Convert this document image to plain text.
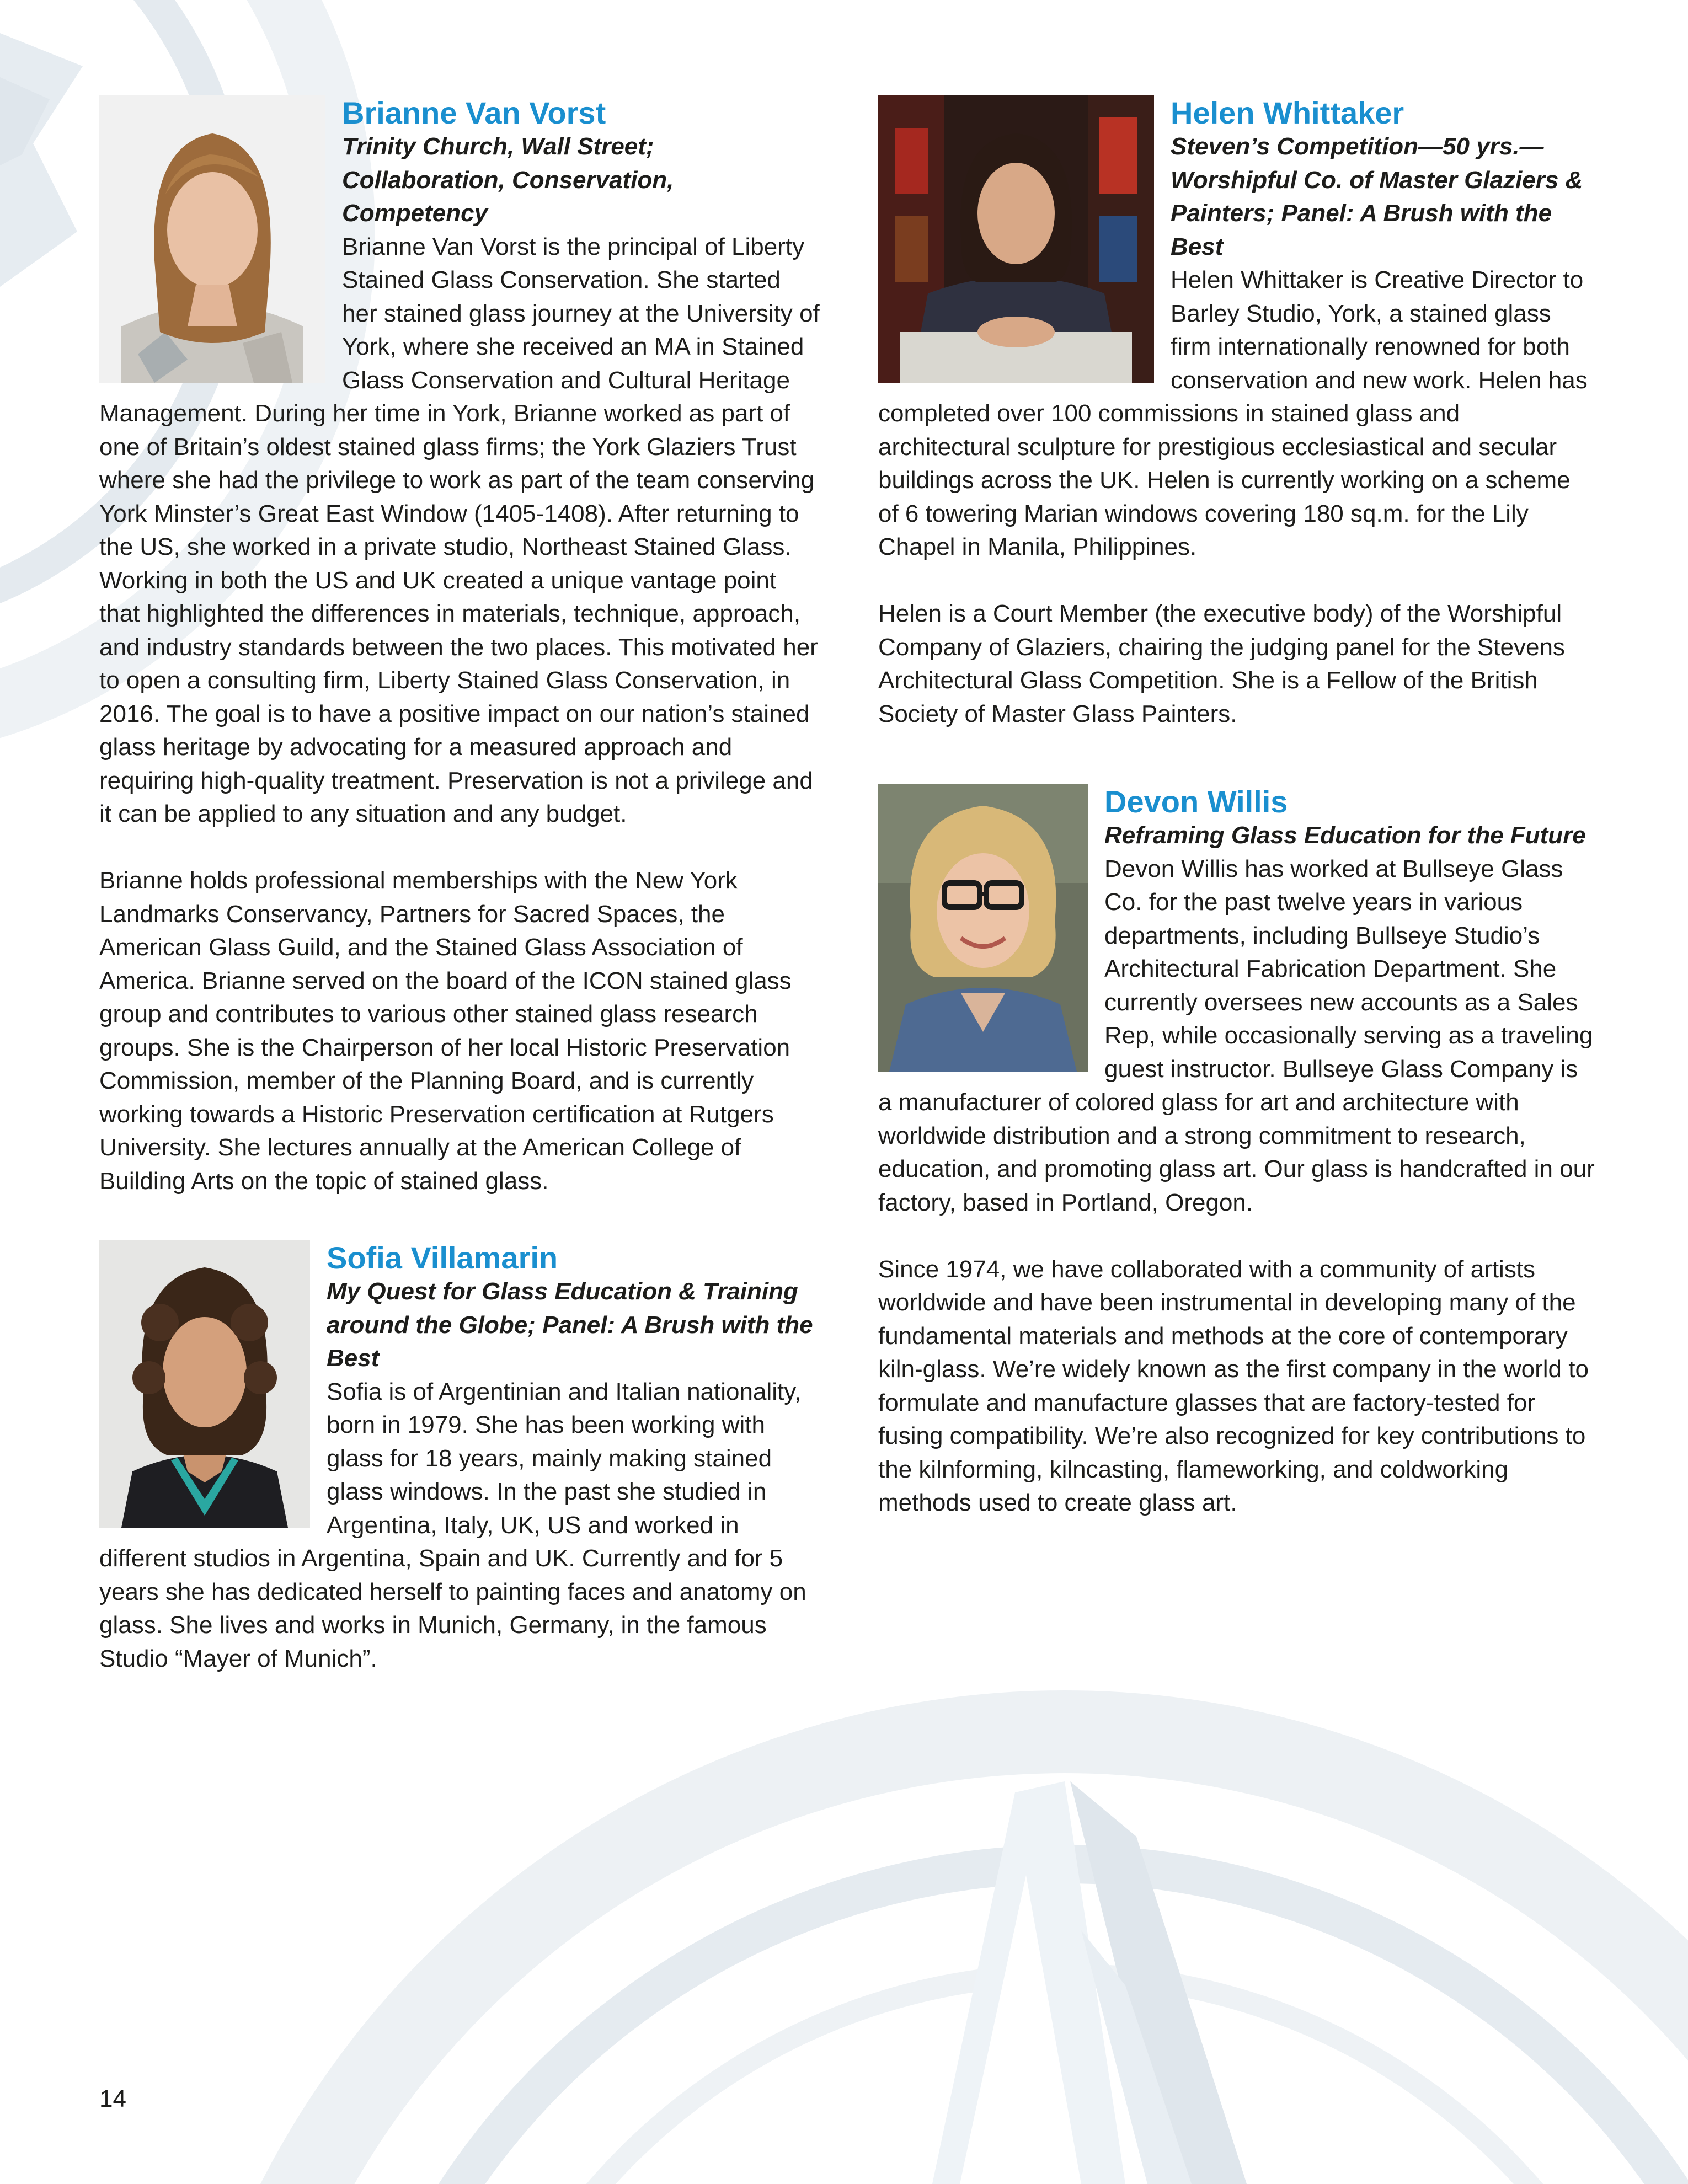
Brianne Van Vorst
Trinity Church, Wall Street; Collaboration, Conservation, Competency

Brianne Van Vorst is the principal of Liberty Stained Glass Conservation. She started her stained glass journey at the University of York, where she received an MA in Stained Glass Conservation and Cultural Heritage Management. During her time in York, Brianne worked as part of one of Britain’s oldest stained glass firms; the York Glaziers Trust where she had the privilege to work as part of the team conserving York Minster’s Great East Window (1405-1408). After returning to the US, she worked in a private studio, Northeast Stained Glass. Working in both the US and UK created a unique vantage point that highlighted the differences in materials, technique, approach, and industry standards between the two places. This motivated her to open a consulting firm, Liberty Stained Glass Conservation, in 2016. The goal is to have a positive impact on our nation’s stained glass heritage by advocating for a measured approach and requiring high-quality treatment. Preservation is not a privilege and it can be applied to any situation and any budget.

Brianne holds professional memberships with the New York Landmarks Conservancy, Partners for Sacred Spaces, the American Glass Guild, and the Stained Glass Association of America. Brianne served on the board of the ICON stained glass group and contributes to various other stained glass research groups. She is the Chairperson of her local Historic Preservation Commission, member of the Planning Board, and is currently working towards a Historic Preservation certification at Rutgers University. She lectures annually at the American College of Building Arts on the topic of stained glass.

Sofia Villamarin
My Quest for Glass Education & Training around the Globe; Panel: A Brush with the Best

Sofia is of Argentinian and Italian nationality, born in 1979. She has been working with glass for 18 years, mainly making stained glass windows. In the past she studied in Argentina, Italy, UK, US and worked in different studios in Argentina, Spain and UK. Currently and for 5 years she has dedicated herself to painting faces and anatomy on glass. She lives and works in Munich, Germany, in the famous Studio “Mayer of Munich”.

Helen Whittaker
Steven’s Competition—50 yrs.—Worshipful Co. of Master Glaziers & Painters; Panel: A Brush with the Best

Helen Whittaker is Creative Director to Barley Studio, York, a stained glass firm internationally renowned for both conservation and new work. Helen has completed over 100 commissions in stained glass and architectural sculpture for prestigious ecclesiastical and secular buildings across the UK. Helen is currently working on a scheme of 6 towering Marian windows covering 180 sq.m. for the Lily Chapel in Manila, Philippines.

Helen is a Court Member (the executive body) of the Worshipful Company of Glaziers, chairing the judging panel for the Stevens Architectural Glass Competition. She is a Fellow of the British Society of Master Glass Painters.

Devon Willis
Reframing Glass Education for the Future

Devon Willis has worked at Bullseye Glass Co. for the past twelve years in various departments, including Bullseye Studio’s Architectural Fabrication Department. She currently oversees new accounts as a Sales Rep, while occasionally serving as a traveling guest instructor. Bullseye Glass Company is a manufacturer of colored glass for art and architecture with worldwide distribution and a strong commitment to research, education, and promoting glass art. Our glass is handcrafted in our factory, based in Portland, Oregon.

Since 1974, we have collaborated with a community of artists worldwide and have been instrumental in developing many of the fundamental materials and methods at the core of contemporary kiln-glass. We’re widely known as the first company in the world to formulate and manufacture glasses that are factory-tested for fusing compatibility. We’re also recognized for key contributions to the kilnforming, kilncasting, flameworking, and coldworking methods used to create glass art.

14
